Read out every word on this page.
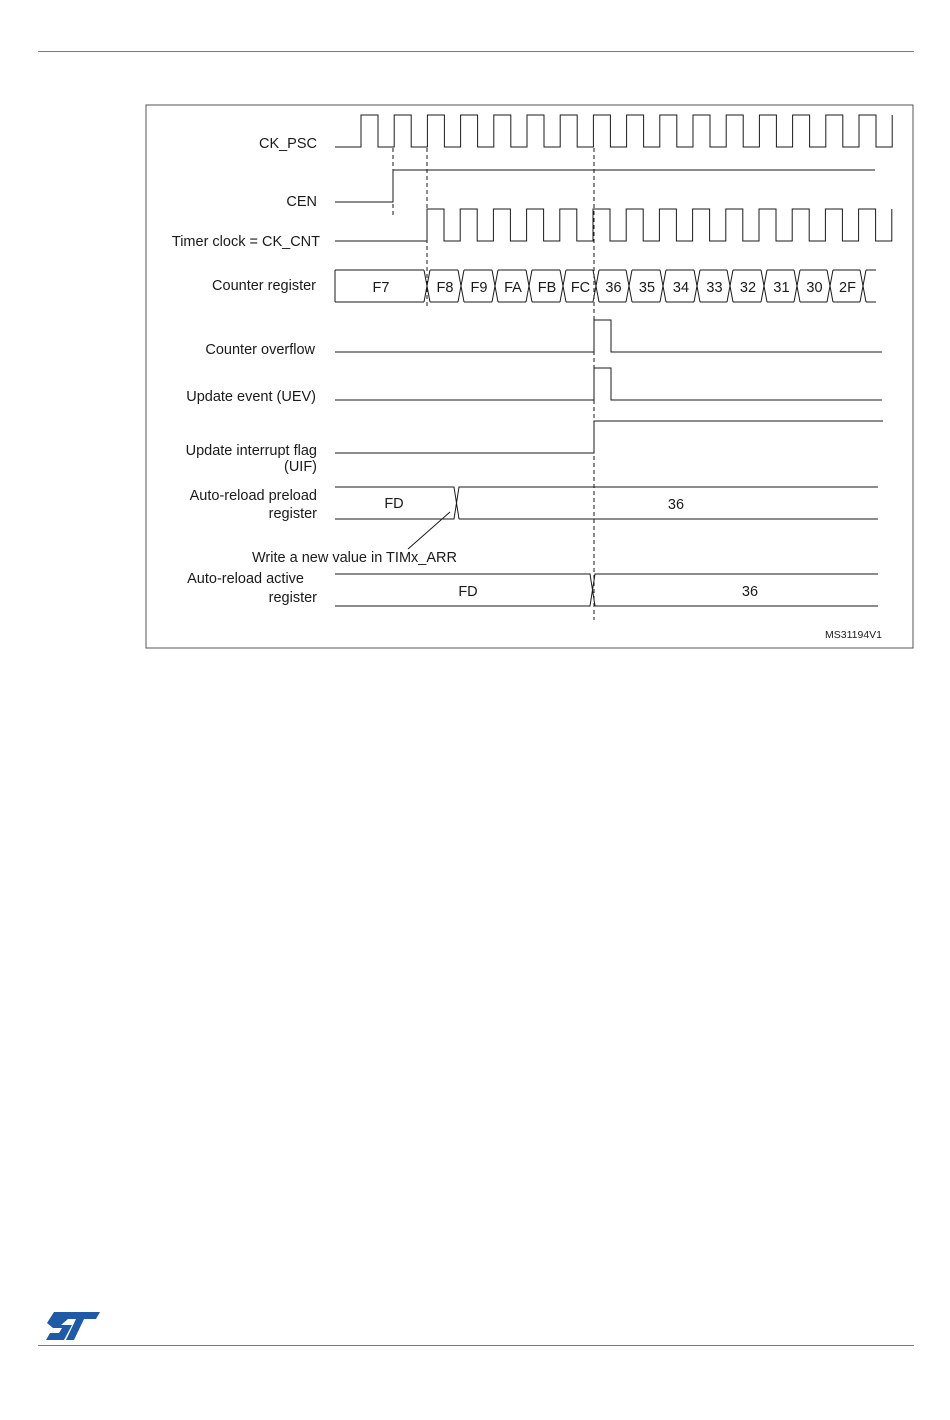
CK_PSC
CEN
Timer clock = CK_CNT
Counter register
Counter overflow
Update event (UEV)
Update interrupt flag
(UIF)
Auto-reload preload
register
Auto-reload active
register
F7	F8 F9 FA FB FC 36 35 34 33 32 31 30 2F
FD	36
FD	36
Write a new value in TIMx_ARR
MS31194V1
